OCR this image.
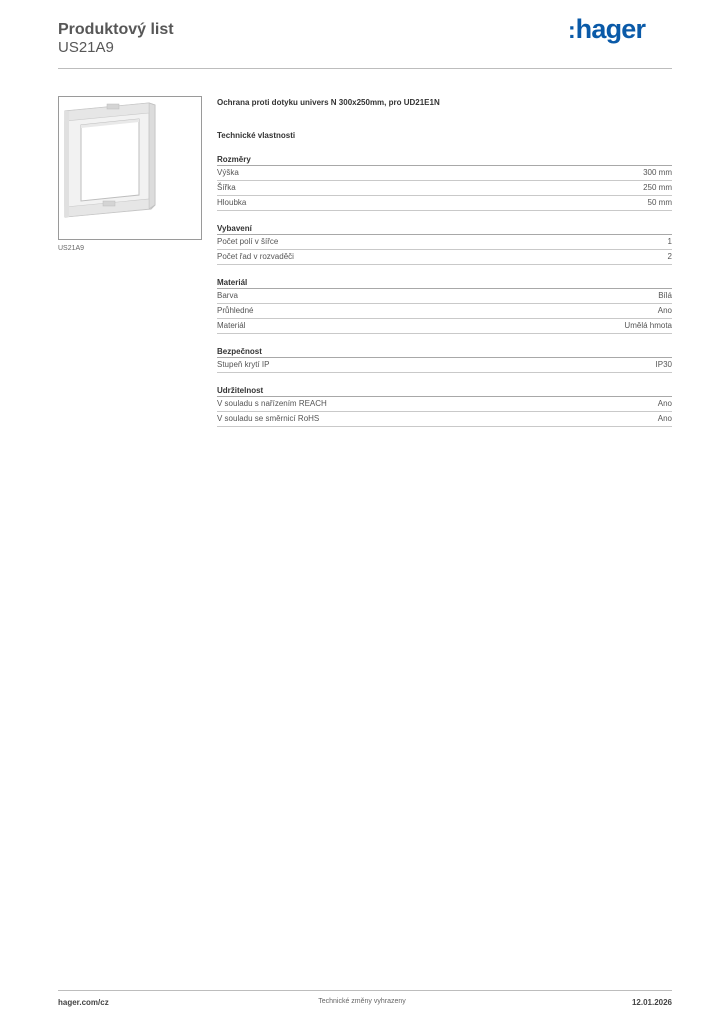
Produktový list
US21A9
:hager
US21A9
Ochrana proti dotyku univers N 300x250mm, pro UD21E1N
Technické vlastnosti
Rozměry
Výška	300 mm
Šířka	250 mm
Hloubka	50 mm
Vybavení
Počet polí v šířce	1
Počet řad v rozvaděči	2
Materiál
Barva	Bílá
Průhledné	Ano
Materiál	Umělá hmota
Bezpečnost
Stupeň krytí IP	IP30
Udržitelnost
V souladu s nařízením REACH	Ano
V souladu se směrnicí RoHS	Ano
hager.com/cz	Technické změny vyhrazeny	12.01.2026
